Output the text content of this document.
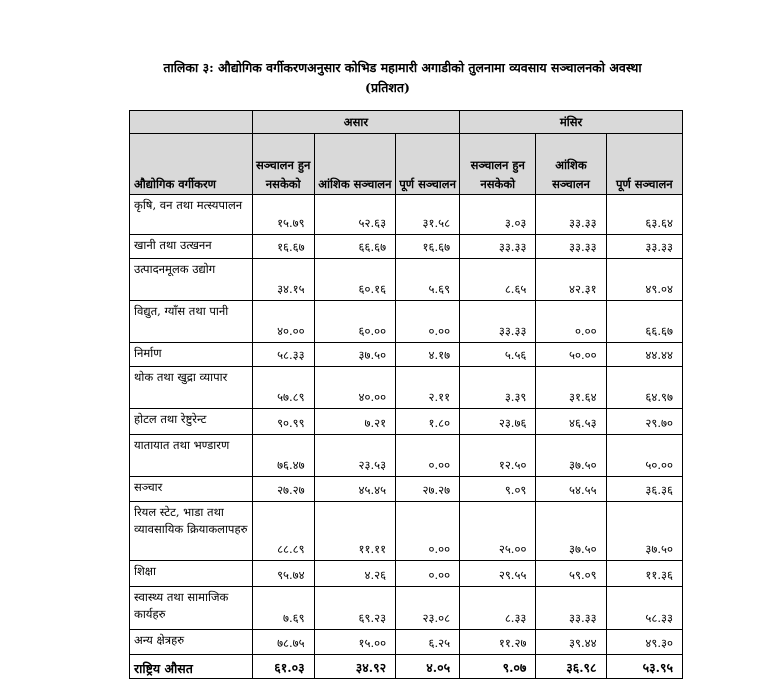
तालिका ३: औद्योगिक वर्गीकरणअनुसार कोभिड महामारी अगाडीको तुलनामा व्यवसाय सञ्चालनको अवस्था
(प्रतिशत)
	असार			मंसिर		
औद्योगिक वर्गीकरण	सञ्चालन हुन नसकेको	आंशिक सञ्चालन	पूर्ण सञ्चालन	सञ्चालन हुन नसकेको	आंशिक सञ्चालन	पूर्ण सञ्चालन
कृषि, वन तथा मत्स्यपालन	१५.७९	५२.६३	३१.५८	३.०३	३३.३३	६३.६४
खानी तथा उत्खनन	१६.६७	६६.६७	१६.६७	३३.३३	३३.३३	३३.३३
उत्पादनमूलक उद्योग	३४.१५	६०.१६	५.६९	८.६५	४२.३१	४९.०४
विद्युत, ग्याँस तथा पानी	४०.००	६०.००	०.००	३३.३३	०.००	६६.६७
निर्माण	५८.३३	३७.५०	४.१७	५.५६	५०.००	४४.४४
थोक तथा खुद्रा व्यापार	५७.८९	४०.००	२.११	३.३९	३१.६४	६४.९७
होटल तथा रेष्टुरेन्ट	९०.९९	७.२१	१.८०	२३.७६	४६.५३	२९.७०
यातायात तथा भण्डारण	७६.४७	२३.५३	०.००	१२.५०	३७.५०	५०.००
सञ्चार	२७.२७	४५.४५	२७.२७	९.०९	५४.५५	३६.३६
रियल स्टेट, भाडा तथा व्यावसायिक क्रियाकलापहरु	८८.८९	११.११	०.००	२५.००	३७.५०	३७.५०
शिक्षा	९५.७४	४.२६	०.००	२९.५५	५९.०९	११.३६
स्वास्थ्य तथा सामाजिक कार्यहरु	७.६९	६९.२३	२३.०८	८.३३	३३.३३	५८.३३
अन्य क्षेत्रहरु	७८.७५	१५.००	६.२५	११.२७	३९.४४	४९.३०
राष्ट्रिय औसत	६१.०३	३४.९२	४.०५	९.०७	३६.९८	५३.९५
